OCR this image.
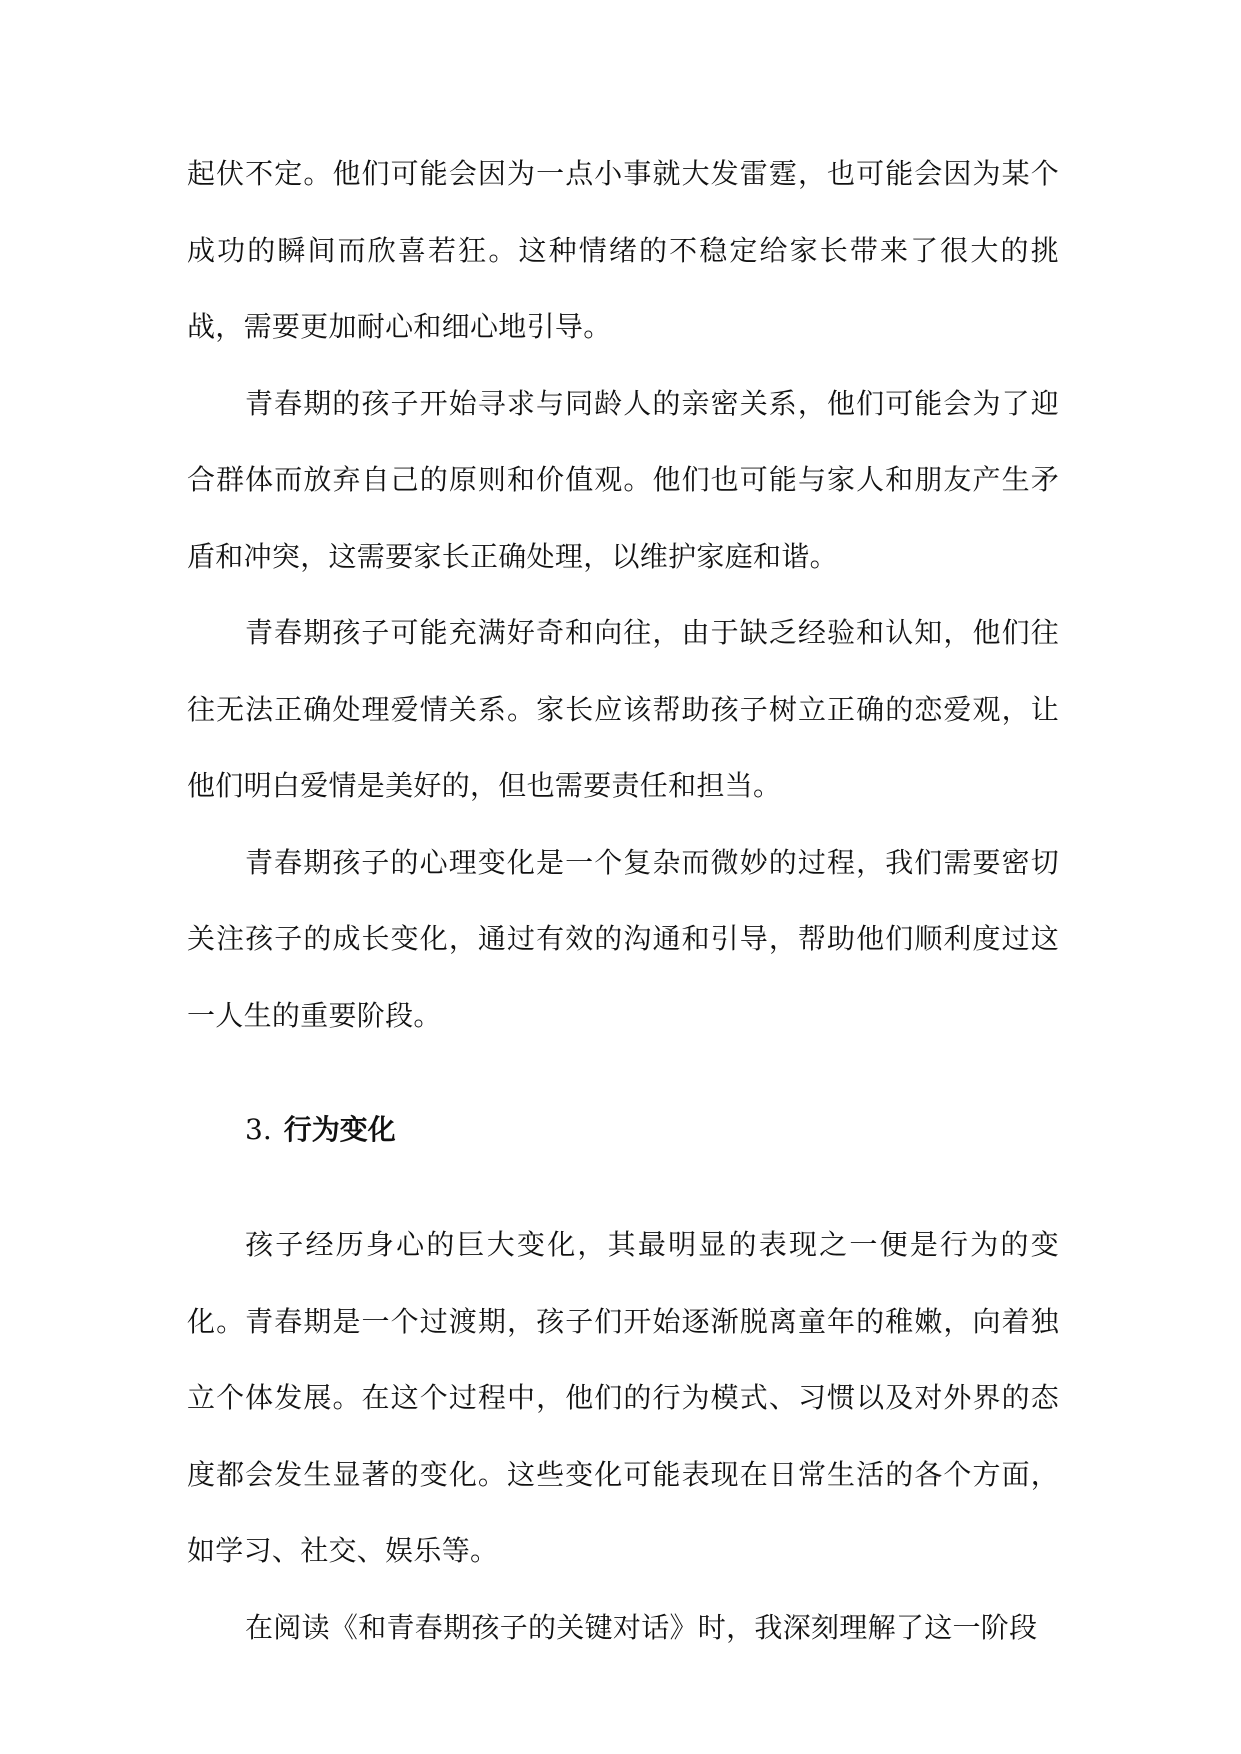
起伏不定。他们可能会因为一点小事就大发雷霆，也可能会因为某个成功的瞬间而欣喜若狂。这种情绪的不稳定给家长带来了很大的挑战，需要更加耐心和细心地引导。

青春期的孩子开始寻求与同龄人的亲密关系，他们可能会为了迎合群体而放弃自己的原则和价值观。他们也可能与家人和朋友产生矛盾和冲突，这需要家长正确处理，以维护家庭和谐。

青春期孩子可能充满好奇和向往，由于缺乏经验和认知，他们往往无法正确处理爱情关系。家长应该帮助孩子树立正确的恋爱观，让他们明白爱情是美好的，但也需要责任和担当。

青春期孩子的心理变化是一个复杂而微妙的过程，我们需要密切关注孩子的成长变化，通过有效的沟通和引导，帮助他们顺利度过这一人生的重要阶段。

3. 行为变化

孩子经历身心的巨大变化，其最明显的表现之一便是行为的变化。青春期是一个过渡期，孩子们开始逐渐脱离童年的稚嫩，向着独立个体发展。在这个过程中，他们的行为模式、习惯以及对外界的态度都会发生显著的变化。这些变化可能表现在日常生活的各个方面，如学习、社交、娱乐等。

在阅读《和青春期孩子的关键对话》时，我深刻理解了这一阶段
